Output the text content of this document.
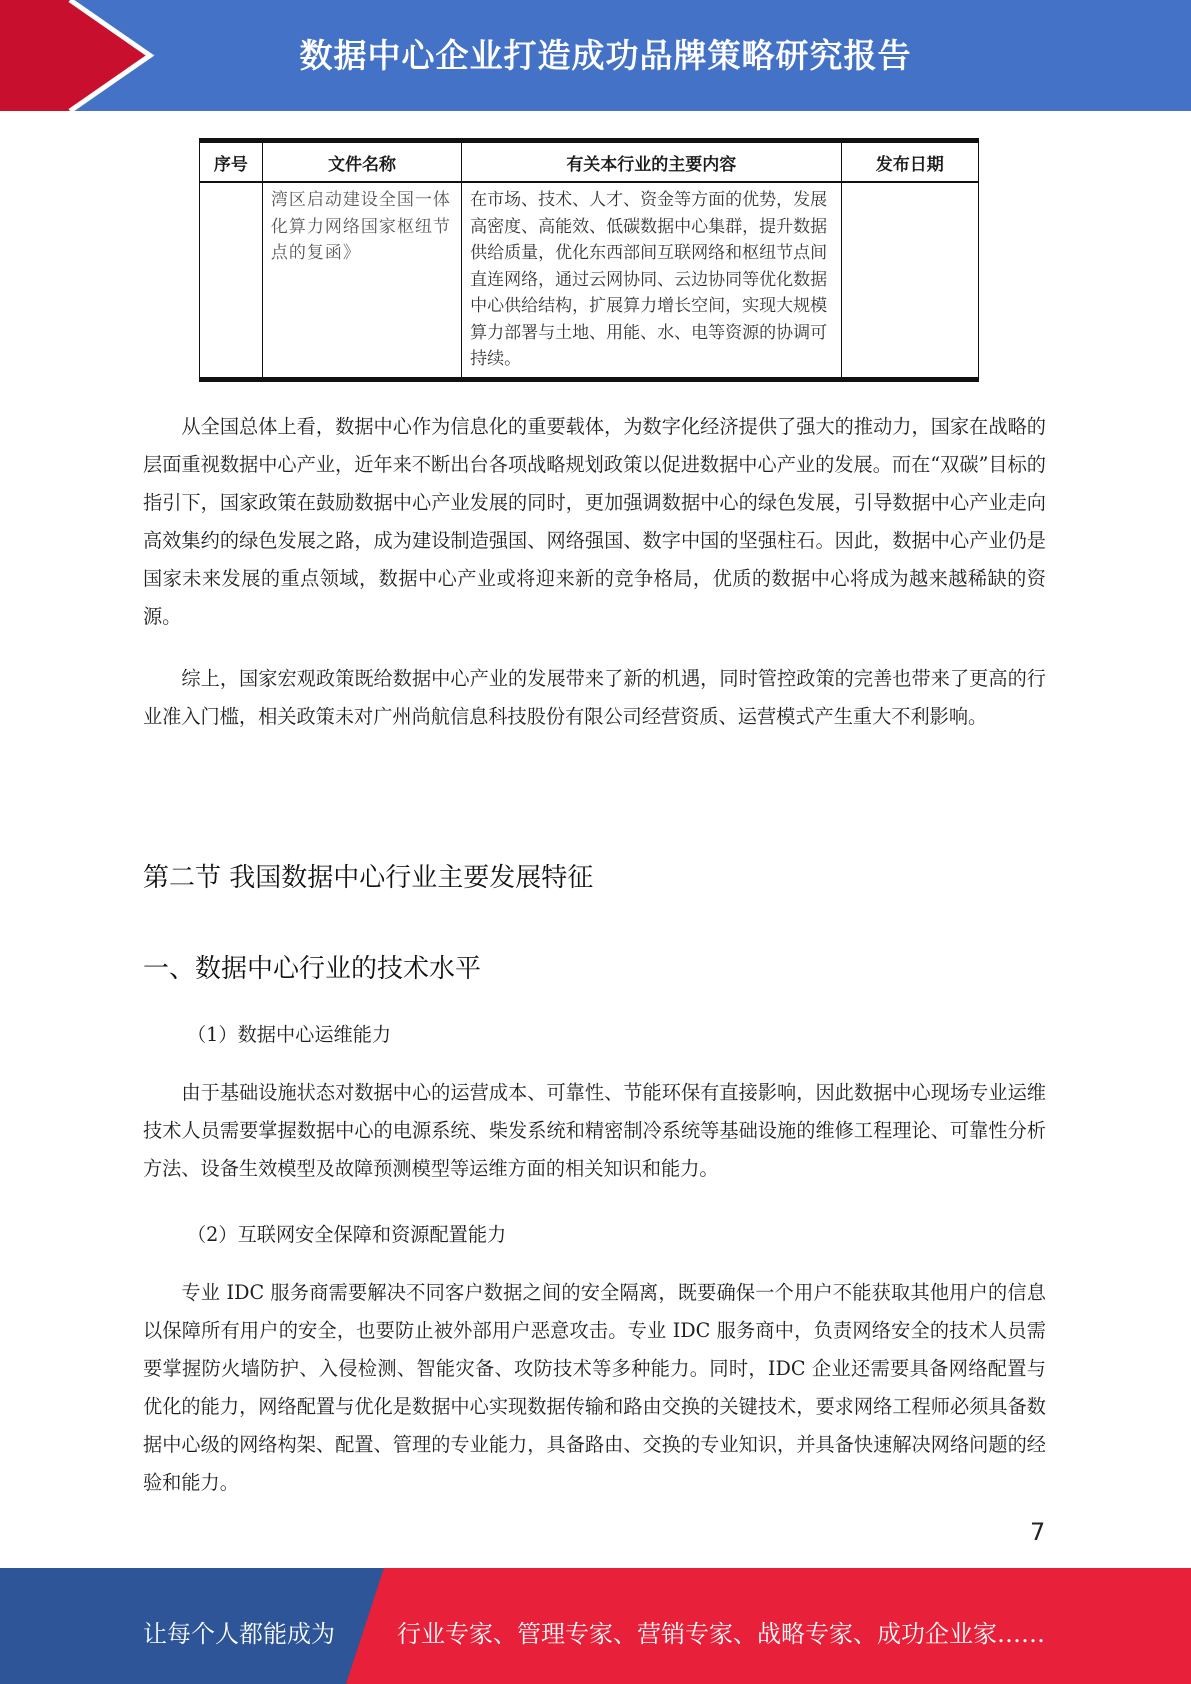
数据中心企业打造成功品牌策略研究报告
序号	文件名称	有关本行业的主要内容	发布日期
	湾区启动建设全国一体化算力网络国家枢纽节点的复函》	在市场、技术、人才、资金等方面的优势，发展高密度、高能效、低碳数据中心集群，提升数据供给质量，优化东西部间互联网络和枢纽节点间直连网络，通过云网协同、云边协同等优化数据中心供给结构，扩展算力增长空间，实现大规模算力部署与土地、用能、水、电等资源的协调可持续。	

从全国总体上看，数据中心作为信息化的重要载体，为数字化经济提供了强大的推动力，国家在战略的层面重视数据中心产业，近年来不断出台各项战略规划政策以促进数据中心产业的发展。而在“双碳”目标的指引下，国家政策在鼓励数据中心产业发展的同时，更加强调数据中心的绿色发展，引导数据中心产业走向高效集约的绿色发展之路，成为建设制造强国、网络强国、数字中国的坚强柱石。因此，数据中心产业仍是国家未来发展的重点领域，数据中心产业或将迎来新的竞争格局，优质的数据中心将成为越来越稀缺的资源。

综上，国家宏观政策既给数据中心产业的发展带来了新的机遇，同时管控政策的完善也带来了更高的行业准入门槛，相关政策未对广州尚航信息科技股份有限公司经营资质、运营模式产生重大不利影响。

第二节 我国数据中心行业主要发展特征
一、数据中心行业的技术水平

（1）数据中心运维能力

由于基础设施状态对数据中心的运营成本、可靠性、节能环保有直接影响，因此数据中心现场专业运维技术人员需要掌握数据中心的电源系统、柴发系统和精密制冷系统等基础设施的维修工程理论、可靠性分析方法、设备生效模型及故障预测模型等运维方面的相关知识和能力。

（2）互联网安全保障和资源配置能力

专业 IDC 服务商需要解决不同客户数据之间的安全隔离，既要确保一个用户不能获取其他用户的信息以保障所有用户的安全，也要防止被外部用户恶意攻击。专业 IDC 服务商中，负责网络安全的技术人员需要掌握防火墙防护、入侵检测、智能灾备、攻防技术等多种能力。同时，IDC 企业还需要具备网络配置与优化的能力，网络配置与优化是数据中心实现数据传输和路由交换的关键技术，要求网络工程师必须具备数据中心级的网络构架、配置、管理的专业能力，具备路由、交换的专业知识，并具备快速解决网络问题的经验和能力。

7
让每个人都能成为	行业专家、管理专家、营销专家、战略专家、成功企业家……
